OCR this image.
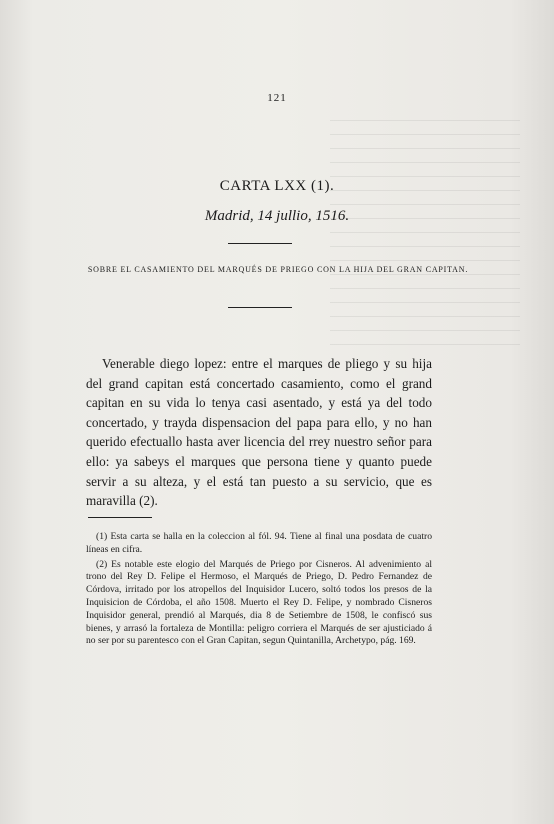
121
CARTA LXX (1).
Madrid, 14 jullio, 1516.
SOBRE EL CASAMIENTO DEL MARQUÉS DE PRIEGO CON LA HIJA DEL GRAN CAPITAN.
Venerable diego lopez: entre el marques de pliego y su hija del grand capitan está concertado casamiento, como el grand capitan en su vida lo tenya casi asentado, y está ya del todo concertado, y trayda dispensacion del papa para ello, y no han querido efectuallo hasta aver licencia del rrey nuestro señor para ello: ya sabeys el marques que persona tiene y quanto puede servir a su alteza, y el está tan puesto a su servicio, que es maravilla (2).

(1) Esta carta se halla en la coleccion al fól. 94. Tiene al final una posdata de cuatro líneas en cifra.

(2) Es notable este elogio del Marqués de Priego por Cisneros. Al advenimiento al trono del Rey D. Felipe el Hermoso, el Marqués de Priego, D. Pedro Fernandez de Córdova, irritado por los atropellos del Inquisidor Lucero, soltó todos los presos de la Inquisicion de Córdoba, el año 1508. Muerto el Rey D. Felipe, y nombrado Cisneros Inquisidor general, prendió al Marqués, dia 8 de Setiembre de 1508, le confiscó sus bienes, y arrasó la fortaleza de Montilla: peligro corriera el Marqués de ser ajusticiado á no ser por su parentesco con el Gran Capitan, segun Quintanilla, Archetypo, pág. 169.
